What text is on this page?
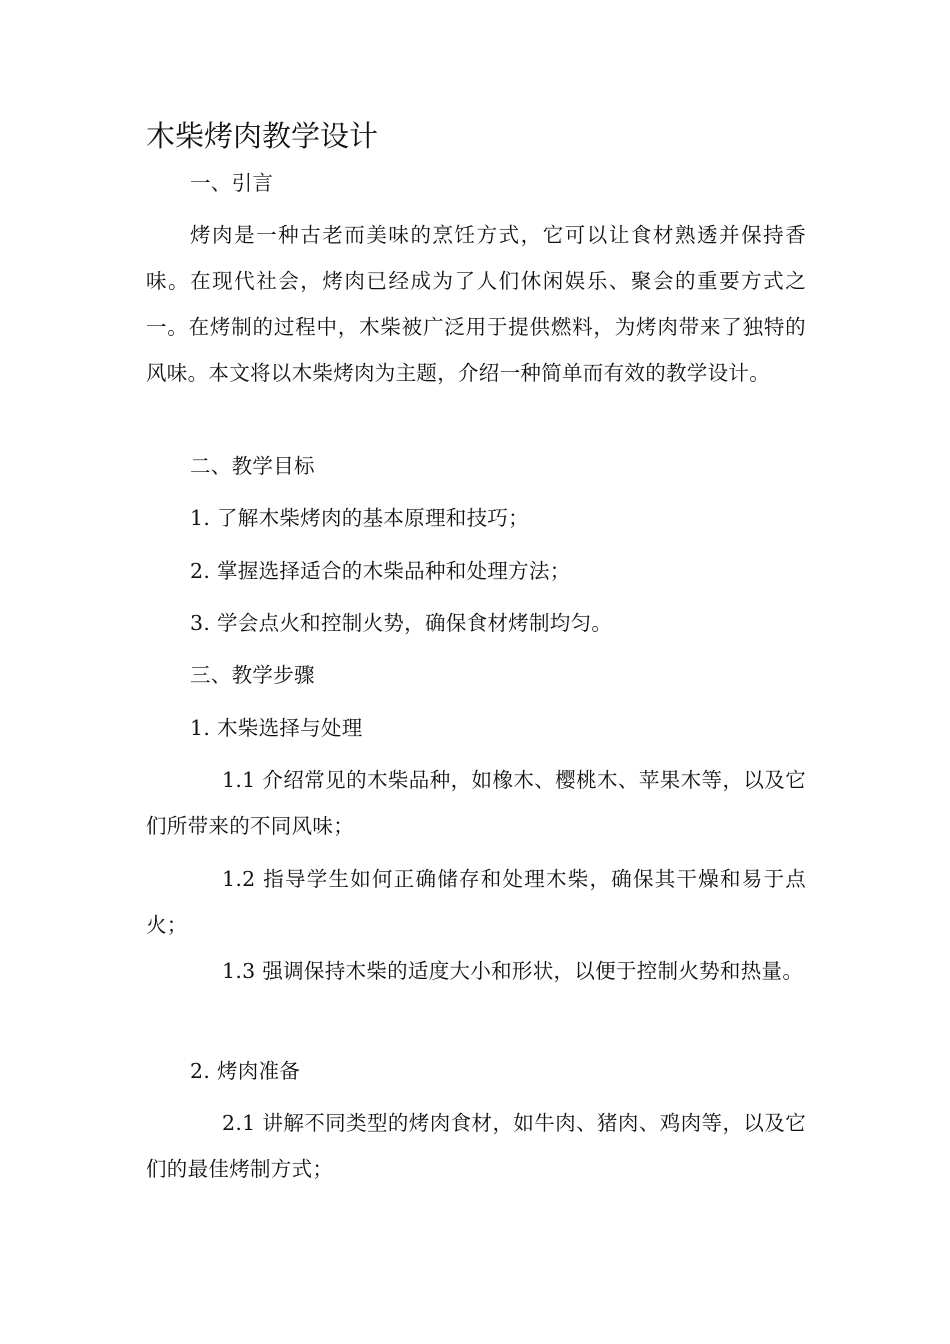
木柴烤肉教学设计

一、引言

烤肉是一种古老而美味的烹饪方式，它可以让食材熟透并保持香味。在现代社会，烤肉已经成为了人们休闲娱乐、聚会的重要方式之一。在烤制的过程中，木柴被广泛用于提供燃料，为烤肉带来了独特的风味。本文将以木柴烤肉为主题，介绍一种简单而有效的教学设计。

二、教学目标

1. 了解木柴烤肉的基本原理和技巧；

2. 掌握选择适合的木柴品种和处理方法；

3. 学会点火和控制火势，确保食材烤制均匀。

三、教学步骤

1. 木柴选择与处理

1.1 介绍常见的木柴品种，如橡木、樱桃木、苹果木等，以及它们所带来的不同风味；

1.2 指导学生如何正确储存和处理木柴，确保其干燥和易于点火；

1.3 强调保持木柴的适度大小和形状，以便于控制火势和热量。

2. 烤肉准备

2.1 讲解不同类型的烤肉食材，如牛肉、猪肉、鸡肉等，以及它们的最佳烤制方式；
